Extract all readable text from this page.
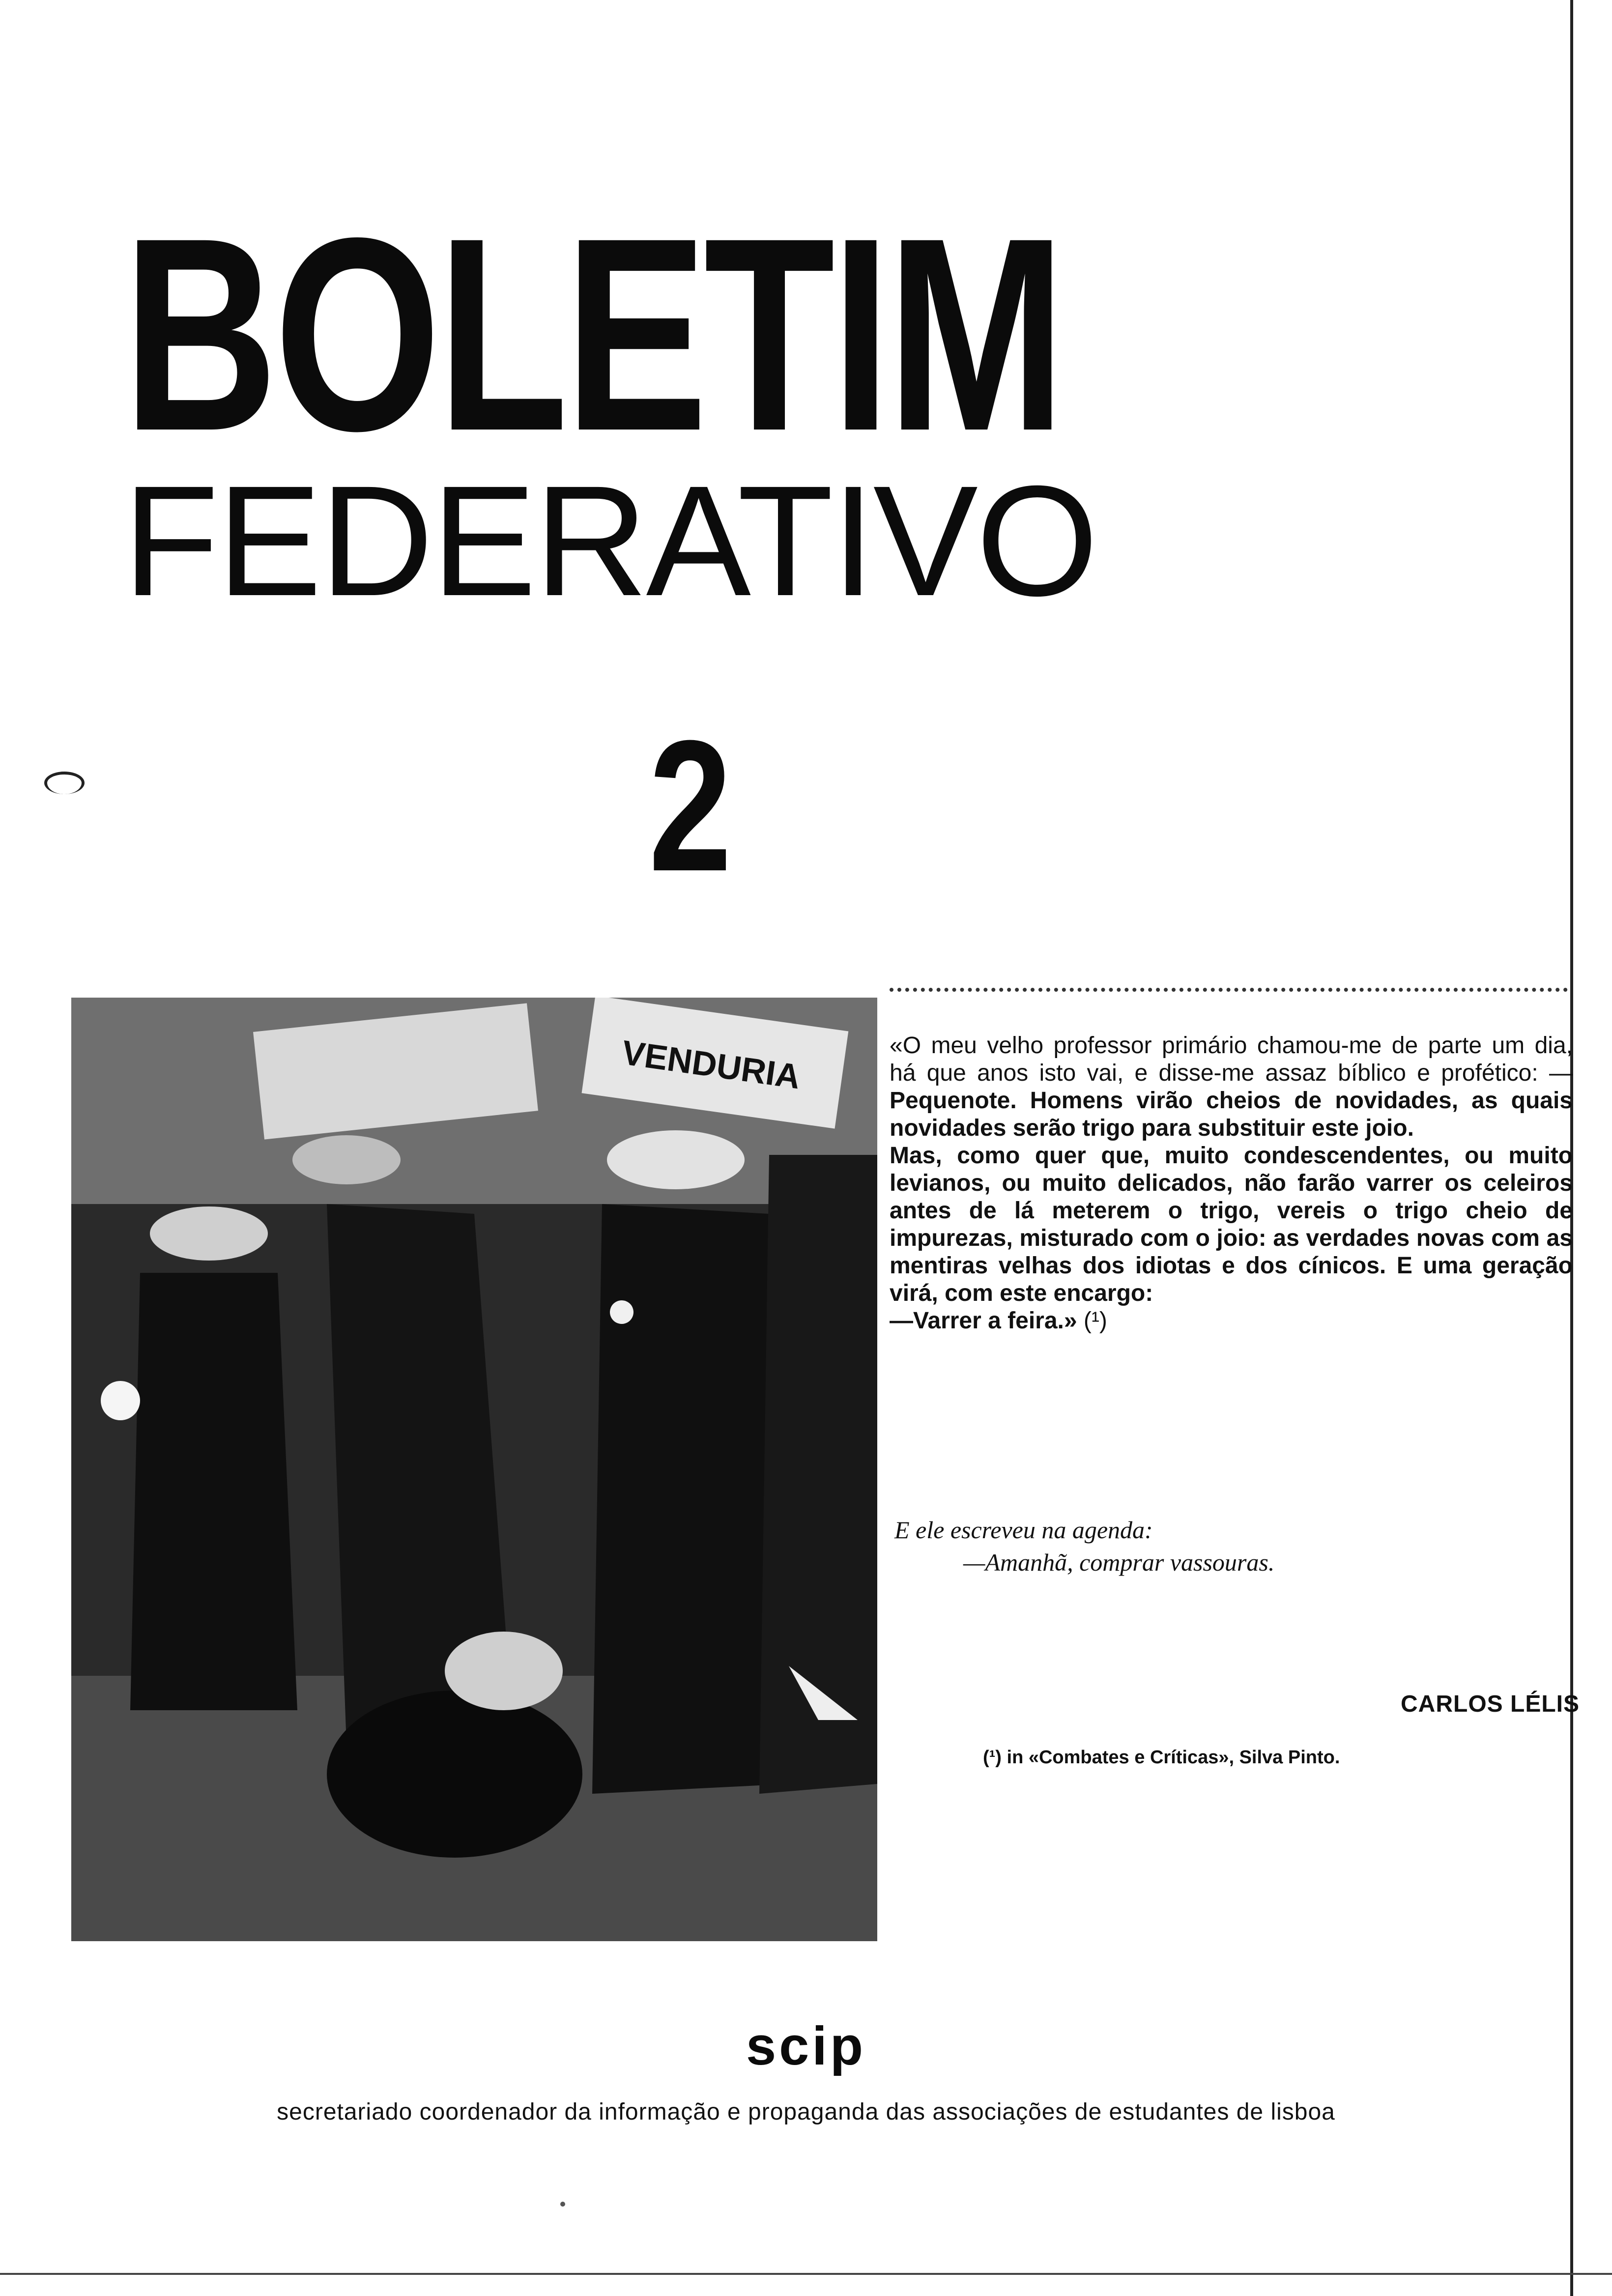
BOLETIM
FEDERATIVO
2
VENDURIA	«O meu velho professor primário chamou-me de parte um dia, há que anos isto vai, e disse-me assaz bíblico e profético: — Pequenote. Homens virão cheios de novidades, as quais novidades serão trigo para substituir este joio.

Mas, como quer que, muito condescendentes, ou muito levianos, ou muito delicados, não farão varrer os celeiros antes de lá meterem o trigo, vereis o trigo cheio de impurezas, misturado com o joio: as verdades novas com as mentiras velhas dos idiotas e dos cínicos. E uma geração virá, com este encargo:

—Varrer a feira.» (¹)

E ele escreveu na agenda:
—Amanhã, comprar vassouras.
CARLOS LÉLIS
(¹) in «Combates e Críticas», Silva Pinto.
scip
secretariado coordenador da informação e propaganda das associações de estudantes de lisboa
